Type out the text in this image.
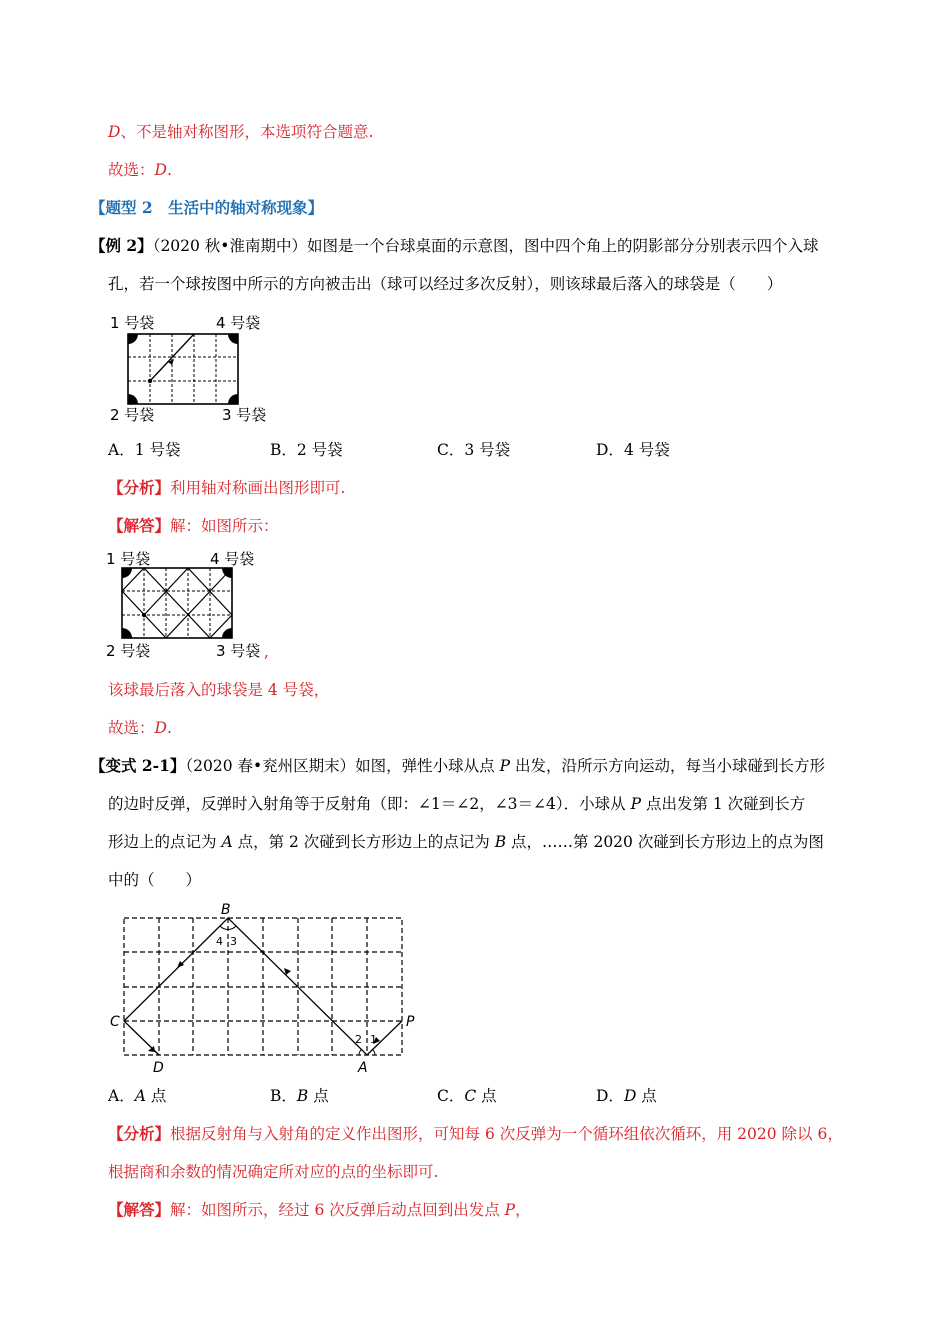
D、不是轴对称图形，本选项符合题意.
故选：D.
【题型 2　生活中的轴对称现象】
【例 2】（2020 秋•淮南期中）如图是一个台球桌面的示意图，图中四个角上的阴影部分分别表示四个入球
孔，若一个球按图中所示的方向被击出（球可以经过多次反射），则该球最后落入的球袋是（　　）
1 号袋	4 号袋
2 号袋	3 号袋
A．1 号袋	B．2 号袋	C．3 号袋	D．4 号袋
【分析】利用轴对称画出图形即可.
【解答】解：如图所示：
1 号袋	4 号袋
2 号袋	3 号袋 ,
该球最后落入的球袋是 4 号袋，
故选：D.
【变式 2-1】（2020 春•兖州区期末）如图，弹性小球从点 P 出发，沿所示方向运动，每当小球碰到长方形
的边时反弹，反弹时入射角等于反射角（即：∠1＝∠2，∠3＝∠4）．小球从 P 点出发第 1 次碰到长方
形边上的点记为 A 点，第 2 次碰到长方形边上的点记为 B 点，……第 2020 次碰到长方形边上的点为图
中的（　　）
B
C
D	A
P
1
2
3
4
A．A 点	B．B 点	C．C 点	D．D 点
【分析】根据反射角与入射角的定义作出图形，可知每 6 次反弹为一个循环组依次循环，用 2020 除以 6，
根据商和余数的情况确定所对应的点的坐标即可.
【解答】解：如图所示，经过 6 次反弹后动点回到出发点 P，
